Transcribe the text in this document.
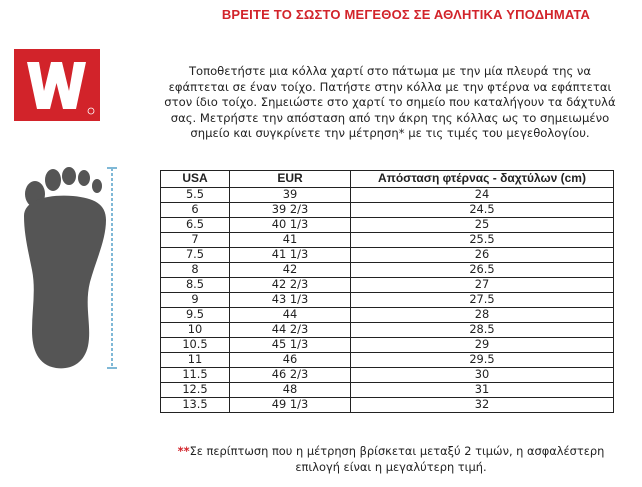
ΒΡΕΙΤΕ ΤΟ ΣΩΣΤΟ ΜΕΓΕΘΟΣ ΣΕ ΑΘΛΗΤΙΚΑ ΥΠΟΔΗΜΑΤΑ
Τοποθετήστε μια κόλλα χαρτί στο πάτωμα με την μία πλευρά της να
εφάπτεται σε έναν τοίχο. Πατήστε στην κόλλα με την φτέρνα να εφάπτεται
στον ίδιο τοίχο. Σημειώστε στο χαρτί το σημείο που καταλήγουν τα δάχτυλά
σας. Μετρήστε την απόσταση από την άκρη της κόλλας ως το σημειωμένο
σημείο και συγκρίνετε την μέτρηση* με τις τιμές του μεγεθολογίου.
USA	EUR	Απόσταση φτέρνας - δαχτύλων (cm)
5.5	39	24
6	39 2/3	24.5
6.5	40 1/3	25
7	41	25.5
7.5	41 1/3	26
8	42	26.5
8.5	42 2/3	27
9	43 1/3	27.5
9.5	44	28
10	44 2/3	28.5
10.5	45 1/3	29
11	46	29.5
11.5	46 2/3	30
12.5	48	31
13.5	49 1/3	32
**Σε περίπτωση που η μέτρηση βρίσκεται μεταξύ 2 τιμών, η ασφαλέστερη
επιλογή είναι η μεγαλύτερη τιμή.
